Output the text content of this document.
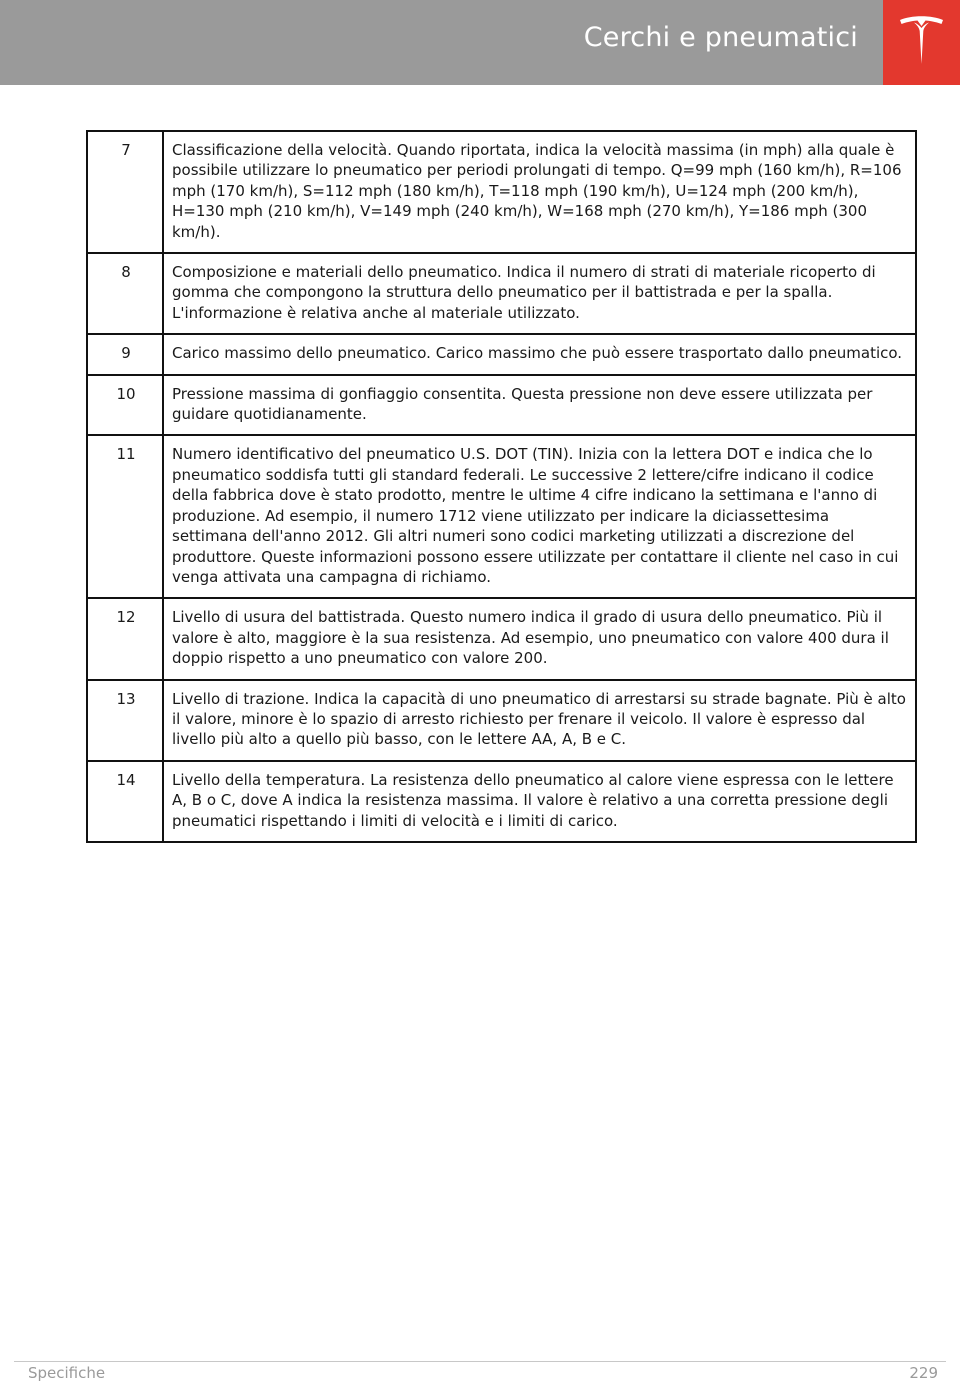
Cerchi e pneumatici
7	Classificazione della velocità. Quando riportata, indica la velocità massima (in mph) alla quale è possibile utilizzare lo pneumatico per periodi prolungati di tempo. Q=99 mph (160 km/h), R=106 mph (170 km/h), S=112 mph (180 km/h), T=118 mph (190 km/h), U=124 mph (200 km/h), H=130 mph (210 km/h), V=149 mph (240 km/h), W=168 mph (270 km/h), Y=186 mph (300 km/h).
8	Composizione e materiali dello pneumatico. Indica il numero di strati di materiale ricoperto di gomma che compongono la struttura dello pneumatico per il battistrada e per la spalla. L'informazione è relativa anche al materiale utilizzato.
9	Carico massimo dello pneumatico. Carico massimo che può essere trasportato dallo pneumatico.
10	Pressione massima di gonfiaggio consentita. Questa pressione non deve essere utilizzata per guidare quotidianamente.
11	Numero identificativo del pneumatico U.S. DOT (TIN). Inizia con la lettera DOT e indica che lo pneumatico soddisfa tutti gli standard federali. Le successive 2 lettere/cifre indicano il codice della fabbrica dove è stato prodotto, mentre le ultime 4 cifre indicano la settimana e l'anno di produzione. Ad esempio, il numero 1712 viene utilizzato per indicare la diciassettesima settimana dell'anno 2012. Gli altri numeri sono codici marketing utilizzati a discrezione del produttore. Queste informazioni possono essere utilizzate per contattare il cliente nel caso in cui venga attivata una campagna di richiamo.
12	Livello di usura del battistrada. Questo numero indica il grado di usura dello pneumatico. Più il valore è alto, maggiore è la sua resistenza. Ad esempio, uno pneumatico con valore 400 dura il doppio rispetto a uno pneumatico con valore 200.
13	Livello di trazione. Indica la capacità di uno pneumatico di arrestarsi su strade bagnate. Più è alto il valore, minore è lo spazio di arresto richiesto per frenare il veicolo. Il valore è espresso dal livello più alto a quello più basso, con le lettere AA, A, B e C.
14	Livello della temperatura. La resistenza dello pneumatico al calore viene espressa con le lettere A, B o C, dove A indica la resistenza massima. Il valore è relativo a una corretta pressione degli pneumatici rispettando i limiti di velocità e i limiti di carico.
Specifiche	229
